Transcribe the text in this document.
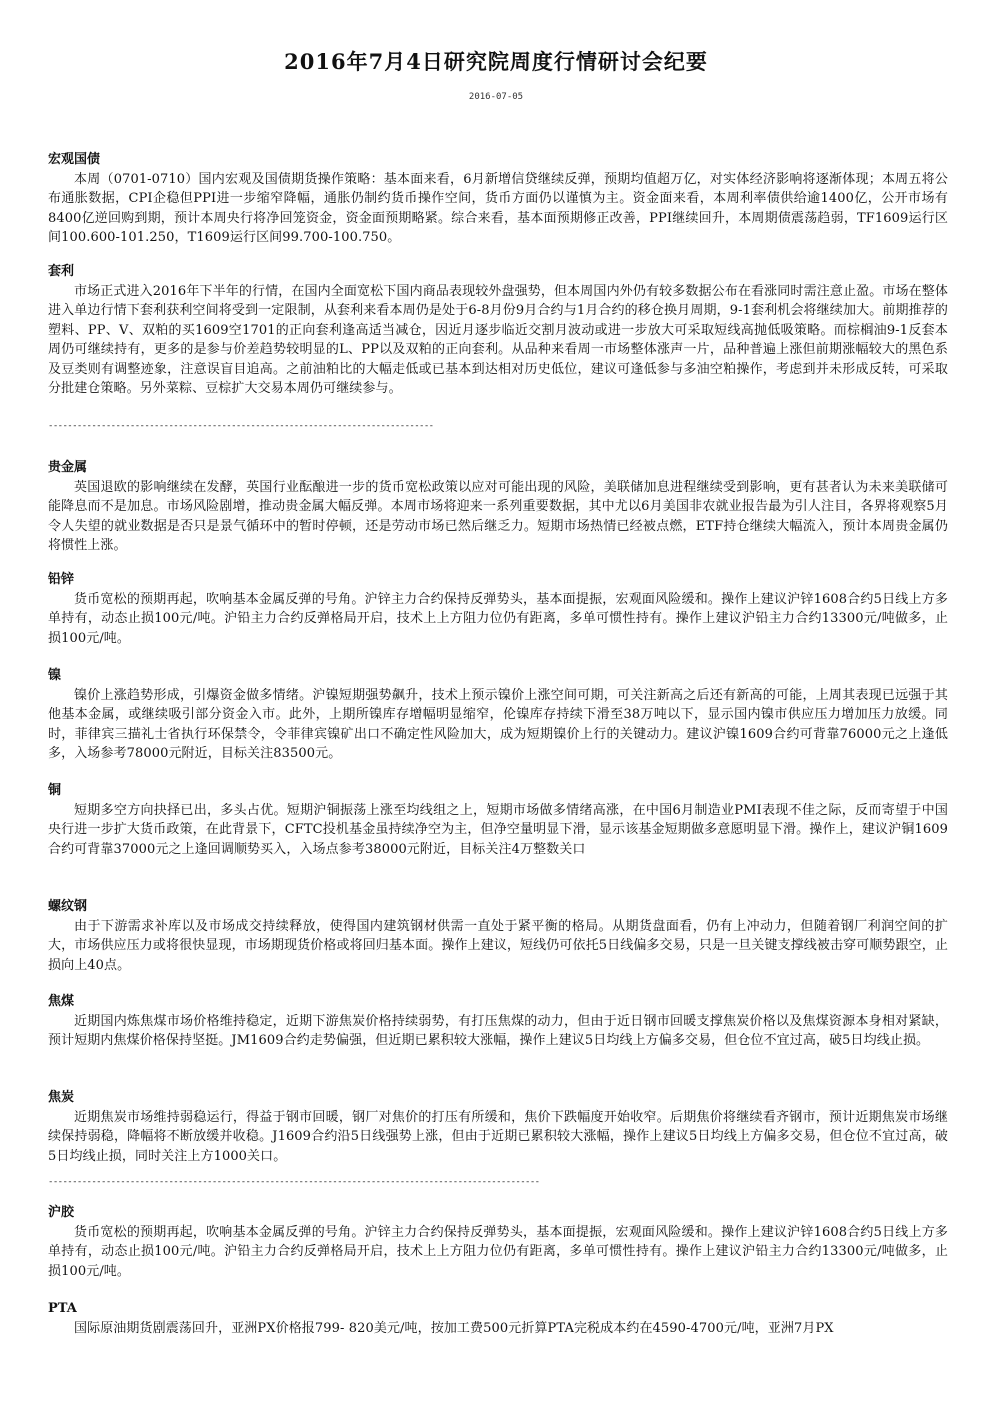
2016年7月4日研究院周度行情研讨会纪要
2016-07-05
宏观国债
本周（0701-0710）国内宏观及国债期货操作策略：基本面来看，6月新增信贷继续反弹，预期均值超万亿，对实体经济影响将逐渐体现；本周五将公布通胀数据，CPI企稳但PPI进一步缩窄降幅，通胀仍制约货币操作空间，货币方面仍以谨慎为主。资金面来看，本周利率债供给逾1400亿，公开市场有8400亿逆回购到期，预计本周央行将净回笼资金，资金面预期略紧。综合来看，基本面预期修正改善，PPI继续回升，本周期债震荡趋弱，TF1609运行区间100.600-101.250，T1609运行区间99.700-100.750。
套利
市场正式进入2016年下半年的行情，在国内全面宽松下国内商品表现较外盘强势，但本周国内外仍有较多数据公布在看涨同时需注意止盈。市场在整体进入单边行情下套利获利空间将受到一定限制，从套利来看本周仍是处于6-8月份9月合约与1月合约的移仓换月周期，9-1套利机会将继续加大。前期推荐的塑料、PP、V、双粕的买1609空1701的正向套利逢高适当减仓，因近月逐步临近交割月波动或进一步放大可采取短线高抛低吸策略。而棕榈油9-1反套本周仍可继续持有，更多的是参与价差趋势较明显的L、PP以及双粕的正向套利。从品种来看周一市场整体涨声一片，品种普遍上涨但前期涨幅较大的黑色系及豆类则有调整迹象，注意误盲目追高。之前油粕比的大幅走低或已基本到达相对历史低位，建议可逢低参与多油空粕操作，考虑到并未形成反转，可采取分批建仓策略。另外菜粽、豆棕扩大交易本周仍可继续参与。
--------------------------------------------------------------------------------
贵金属
英国退欧的影响继续在发酵，英国行业酝酿进一步的货币宽松政策以应对可能出现的风险，美联储加息进程继续受到影响，更有甚者认为未来美联储可能降息而不是加息。市场风险剧增，推动贵金属大幅反弹。本周市场将迎来一系列重要数据，其中尤以6月美国非农就业报告最为引人注目，各界将观察5月令人失望的就业数据是否只是景气循环中的暂时停顿，还是劳动市场已然后继乏力。短期市场热情已经被点燃，ETF持仓继续大幅流入，预计本周贵金属仍将惯性上涨。
铅锌
货币宽松的预期再起，吹响基本金属反弹的号角。沪锌主力合约保持反弹势头，基本面提振，宏观面风险缓和。操作上建议沪锌1608合约5日线上方多单持有，动态止损100元/吨。沪铅主力合约反弹格局开启，技术上上方阻力位仍有距离，多单可惯性持有。操作上建议沪铅主力合约13300元/吨做多，止损100元/吨。
镍
镍价上涨趋势形成，引爆资金做多情绪。沪镍短期强势飙升，技术上预示镍价上涨空间可期，可关注新高之后还有新高的可能，上周其表现已远强于其他基本金属，或继续吸引部分资金入市。此外，上期所镍库存增幅明显缩窄，伦镍库存持续下滑至38万吨以下，显示国内镍市供应压力增加压力放缓。同时，菲律宾三描礼士省执行环保禁令，令菲律宾镍矿出口不确定性风险加大，成为短期镍价上行的关键动力。建议沪镍1609合约可背靠76000元之上逢低多，入场参考78000元附近，目标关注83500元。
铜
短期多空方向抉择已出，多头占优。短期沪铜振荡上涨至均线组之上，短期市场做多情绪高涨，在中国6月制造业PMI表现不佳之际，反而寄望于中国央行进一步扩大货币政策，在此背景下，CFTC投机基金虽持续净空为主，但净空量明显下滑，显示该基金短期做多意愿明显下滑。操作上，建议沪铜1609合约可背靠37000元之上逢回调顺势买入，入场点参考38000元附近，目标关注4万整数关口
螺纹钢
由于下游需求补库以及市场成交持续释放，使得国内建筑钢材供需一直处于紧平衡的格局。从期货盘面看，仍有上冲动力，但随着钢厂利润空间的扩大，市场供应压力或将很快显现，市场期现货价格或将回归基本面。操作上建议，短线仍可依托5日线偏多交易，只是一旦关键支撑线被击穿可顺势跟空，止损向上40点。
焦煤
近期国内炼焦煤市场价格维持稳定，近期下游焦炭价格持续弱势，有打压焦煤的动力，但由于近日钢市回暖支撑焦炭价格以及焦煤资源本身相对紧缺，预计短期内焦煤价格保持坚挺。JM1609合约走势偏强，但近期已累积较大涨幅，操作上建议5日均线上方偏多交易，但仓位不宜过高，破5日均线止损。
焦炭
近期焦炭市场维持弱稳运行，得益于钢市回暖，钢厂对焦价的打压有所缓和，焦价下跌幅度开始收窄。后期焦价将继续看齐钢市，预计近期焦炭市场继续保持弱稳，降幅将不断放缓并收稳。J1609合约沿5日线强势上涨，但由于近期已累积较大涨幅，操作上建议5日均线上方偏多交易，但仓位不宜过高，破5日均线止损，同时关注上方1000关口。
------------------------------------------------------------------------------------------------------
沪胶
货币宽松的预期再起，吹响基本金属反弹的号角。沪锌主力合约保持反弹势头，基本面提振，宏观面风险缓和。操作上建议沪锌1608合约5日线上方多单持有，动态止损100元/吨。沪铅主力合约反弹格局开启，技术上上方阻力位仍有距离，多单可惯性持有。操作上建议沪铅主力合约13300元/吨做多，止损100元/吨。
PTA
国际原油期货剧震荡回升，亚洲PX价格报799- 820美元/吨，按加工费500元折算PTA完税成本约在4590-4700元/吨，亚洲7月PX
